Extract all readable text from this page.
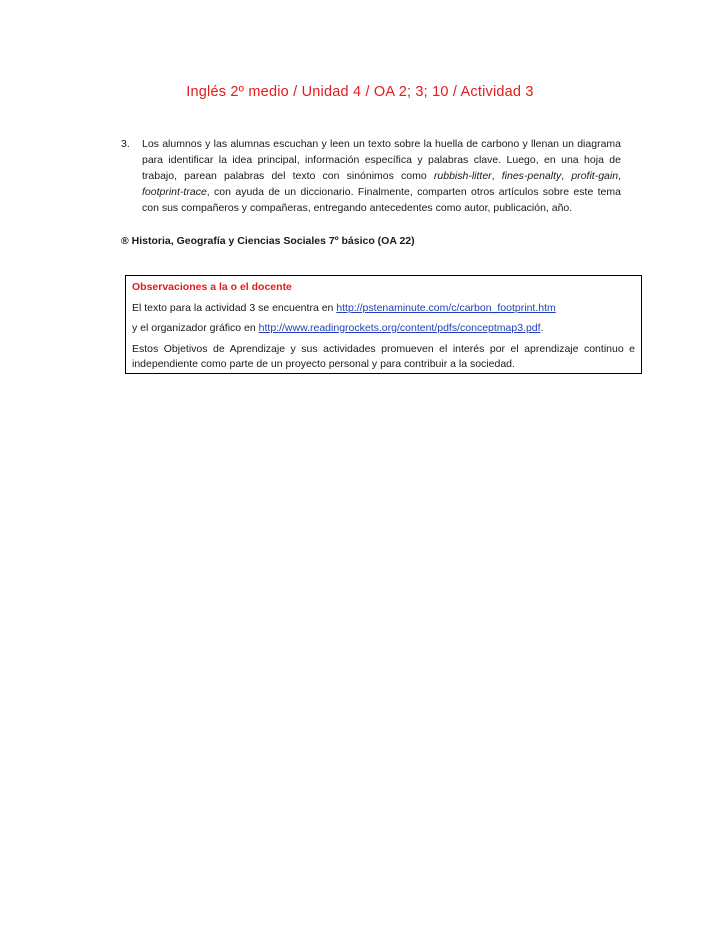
Inglés 2º medio / Unidad 4 / OA 2; 3; 10 / Actividad 3
3. Los alumnos y las alumnas escuchan y leen un texto sobre la huella de carbono y llenan un diagrama para identificar la idea principal, información específica y palabras clave. Luego, en una hoja de trabajo, parean palabras del texto con sinónimos como rubbish-litter, fines-penalty, profit-gain, footprint-trace, con ayuda de un diccionario. Finalmente, comparten otros artículos sobre este tema con sus compañeros y compañeras, entregando antecedentes como autor, publicación, año.
® Historia, Geografía y Ciencias Sociales 7º básico (OA 22)
Observaciones a la o el docente
El texto para la actividad 3 se encuentra en http://pstenaminute.com/c/carbon_footprint.htm
y el organizador gráfico en http://www.readingrockets.org/content/pdfs/conceptmap3.pdf.
Estos Objetivos de Aprendizaje y sus actividades promueven el interés por el aprendizaje continuo e independiente como parte de un proyecto personal y para contribuir a la sociedad.
